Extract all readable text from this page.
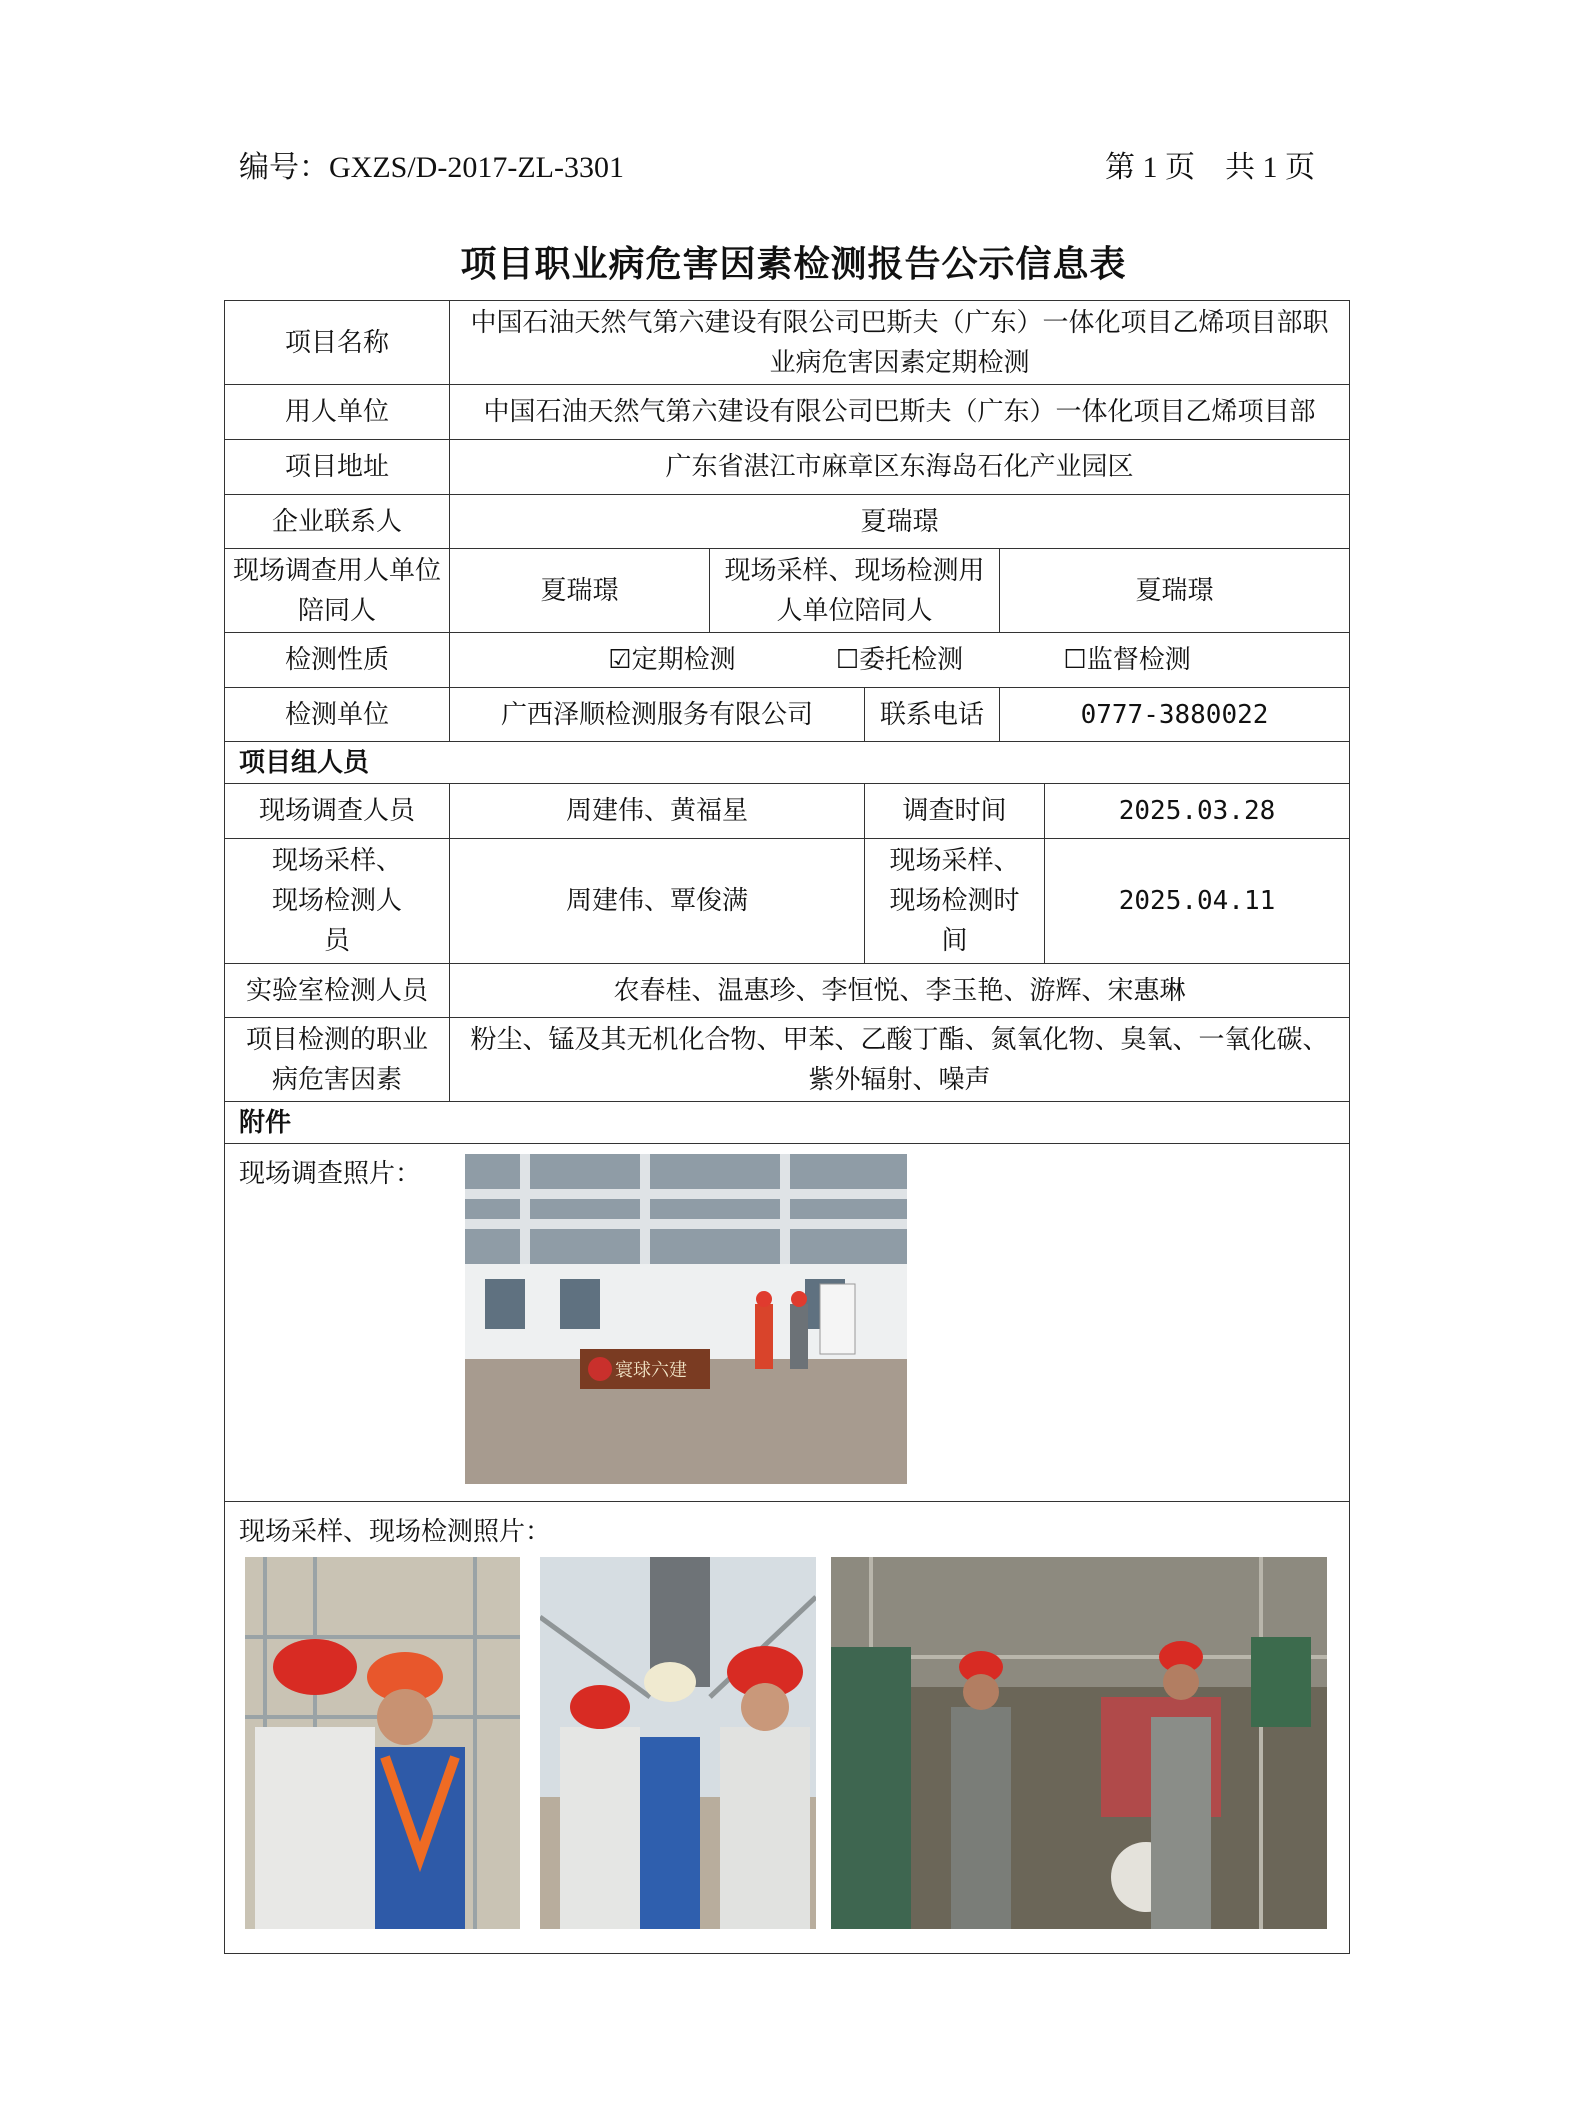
编号：GXZS/D-2017-ZL-3301	第 1 页    共 1 页
项目职业病危害因素检测报告公示信息表
项目名称	中国石油天然气第六建设有限公司巴斯夫（广东）一体化项目乙烯项目部职业病危害因素定期检测				
用人单位	中国石油天然气第六建设有限公司巴斯夫（广东）一体化项目乙烯项目部				
项目地址	广东省湛江市麻章区东海岛石化产业园区				
企业联系人	夏瑞璟				
现场调查用人单位陪同人	夏瑞璟	现场采样、现场检测用人单位陪同人		夏瑞璟	
检测性质	☑定期检测 ☐委托检测 ☐监督检测				
检测单位	广西泽顺检测服务有限公司		联系电话	0777-3880022	
项目组人员					
现场调查人员	周建伟、黄福星		调查时间		2025.03.28
现场采样、现场检测人员	周建伟、覃俊满		现场采样、现场检测时间		2025.04.11
实验室检测人员	农春桂、温惠珍、李恒悦、李玉艳、游辉、宋惠琳				
项目检测的职业病危害因素	粉尘、锰及其无机化合物、甲苯、乙酸丁酯、氮氧化物、臭氧、一氧化碳、紫外辐射、噪声				
附件					

现场调查照片：
寰球六建					

现场采样、现场检测照片：					
